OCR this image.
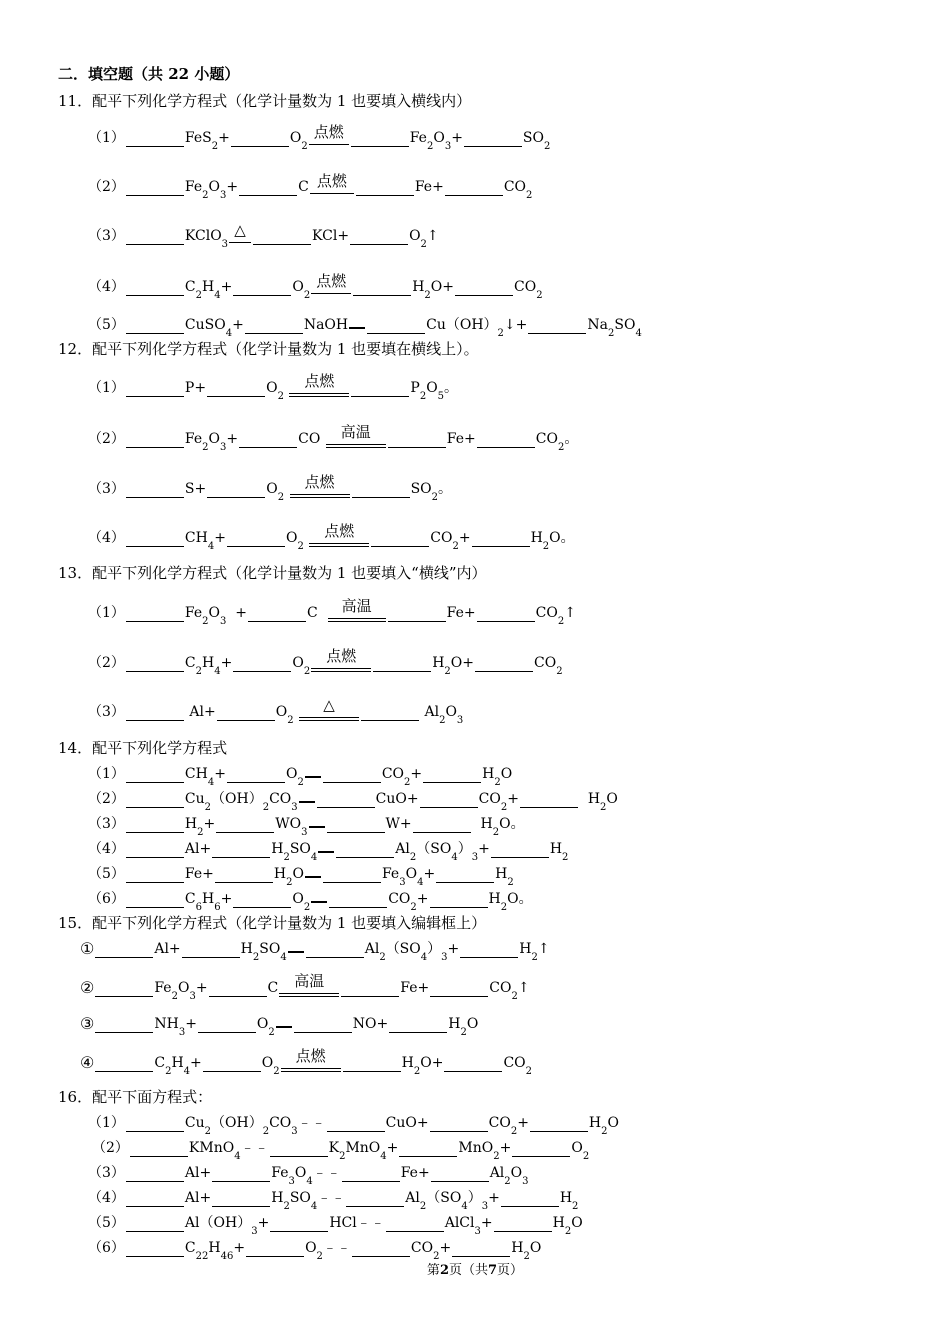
二．填空题（共 22 小题）
11．配平下列化学方程式（化学计量数为 1 也要填入横线内）
（1）	FeS
2
+	O
2
点燃	Fe
2
O
3
+	SO
2
（2）	Fe
2
O
3
+	C 点燃	Fe+	CO
2
（3）	KClO
3
△	KCl+	O
2
↑
（4）	C
2
H
4
+	O
2
点燃	H
2
O+	CO
2
（5）	CuSO
4
+	NaOH	Cu（OH）
2
↓+	Na
2
SO
4
12．配平下列化学方程式（化学计量数为 1 也要填在横线上）。
（1）	P+	O
2

点燃	P
2
O
5
。
（2）	Fe
2
O
3
+	CO 高温	Fe+	CO
2
。
（3）	S+	O
2

点燃	SO
2
。
（4）	CH
4
+	O
2

点燃	CO
2
+	H
2
O。
13．配平下列化学方程式（化学计量数为 1 也要填入“横线”内）
（1）	Fe
2
O
3
+	C 高温	Fe+	CO
2
↑
（2）	C
2
H
4
+	O
2
点燃	H
2
O+	CO
2
（3）	Al+	O
2

△	Al
2
O
3
14．配平下列化学方程式
（1）	CH
4
+	O
2
CO
2
+	H
2
O
（2）	Cu
2
（OH）
2
CO
3
CuO+	CO
2
+	H
2
O
（3）	H
2
+	WO
3
W+	H
2
O。
（4）	Al+	H
2
SO
4
Al
2
（SO
4
）
3
+	H
2
（5）	Fe+	H
2
O	Fe
3
O
4
+	H
2
（6）	C
6
H
6
+	O
2
CO
2
+	H
2
O。
15．配平下列化学方程式（化学计量数为 1 也要填入编辑框上）
①	Al+	H
2
SO
4
Al
2
（SO
4
）
3
+	H
2
↑
②	Fe
2
O
3
+	C 高温	Fe+	CO
2
↑
③	NH
3
+	O
2
NO+	H
2
O
④	C
2
H
4
+	O
2
点燃	H
2
O+	CO
2
16．配平下面方程式：
（1）	Cu
2
（OH）
2
CO
3
﹣﹣	CuO+	CO
2
+	H
2
O
（2）	KMnO
4
﹣﹣	K
2
MnO
4
+	MnO
2
+	O
2
（3）	Al+	Fe
3
O
4
﹣﹣	Fe+	Al
2
O
3
（4）	Al+	H
2
SO
4
﹣﹣	Al
2
（SO
4
）
3
+	H
2
（5）	Al（OH）
3
+	HCl﹣﹣	AlCl
3
+	H
2
O
（6）	C
22
H
46
+	O
2
﹣﹣	CO
2
+	H
2
O
第2页（共7页）
